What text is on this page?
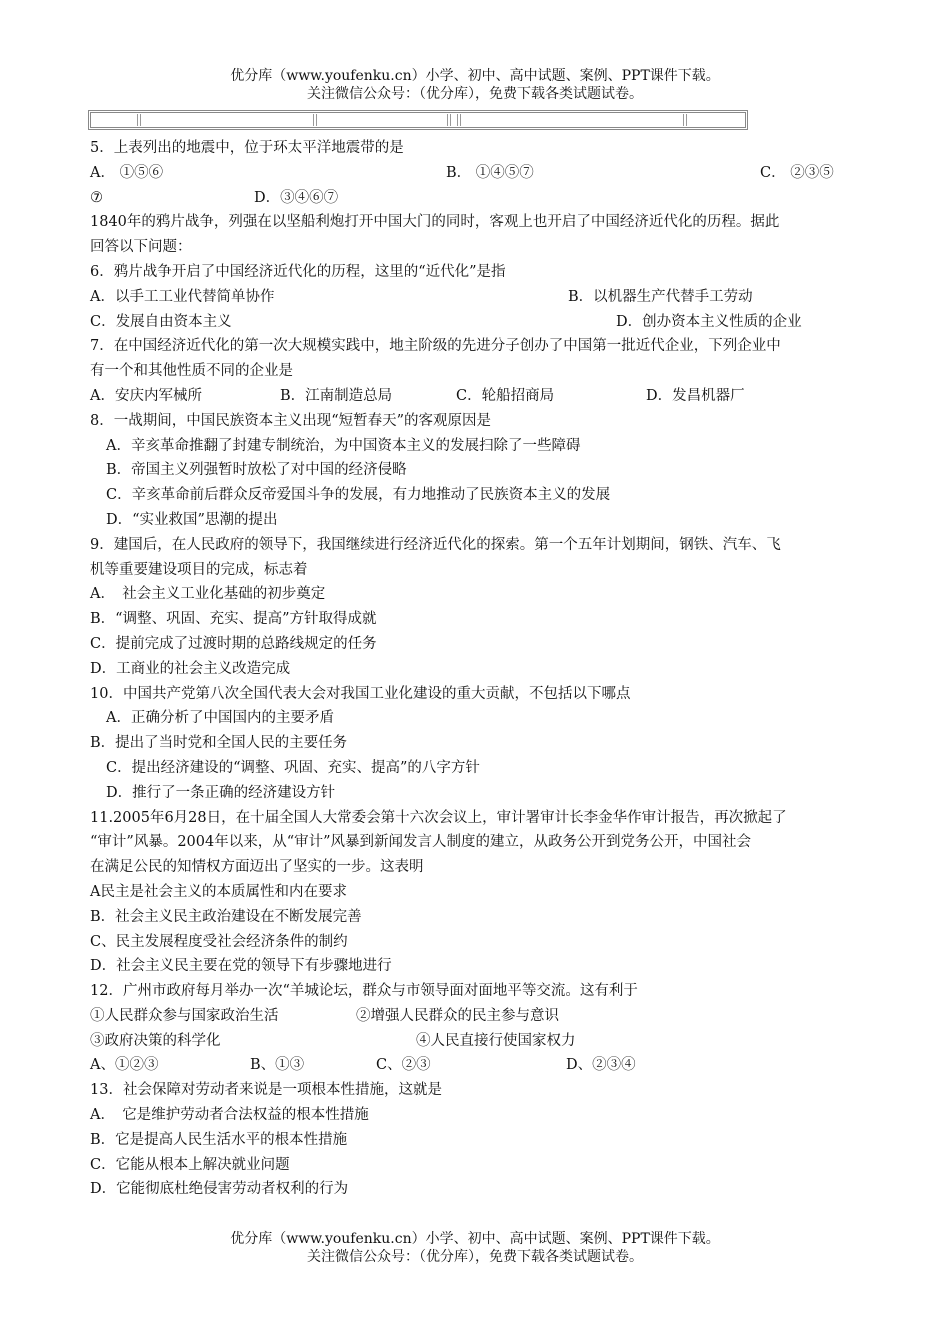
优分库（www.youfenku.cn）小学、初中、高中试题、案例、PPT课件下载。
关注微信公众号：（优分库），免费下载各类试题试卷。
5．上表列出的地震中，位于环太平洋地震带的是
A． ①⑤⑥	B． ①④⑤⑦	C． ②③⑤
⑦	D．③④⑥⑦
1840年的鸦片战争，列强在以坚船利炮打开中国大门的同时，客观上也开启了中国经济近代化的历程。据此
回答以下问题：
6．鸦片战争开启了中国经济近代化的历程，这里的“近代化”是指
A．以手工工业代替简单协作	B．以机器生产代替手工劳动
C．发展自由资本主义	D．创办资本主义性质的企业
7．在中国经济近代化的第一次大规模实践中，地主阶级的先进分子创办了中国第一批近代企业，下列企业中
有一个和其他性质不同的企业是
A．安庆内军械所	B．江南制造总局	C．轮船招商局	D．发昌机器厂
8．一战期间，中国民族资本主义出现“短暂春天”的客观原因是
A．辛亥革命推翻了封建专制统治，为中国资本主义的发展扫除了一些障碍
B．帝国主义列强暂时放松了对中国的经济侵略
C．辛亥革命前后群众反帝爱国斗争的发展，有力地推动了民族资本主义的发展
D．“实业救国”思潮的提出
9．建国后，在人民政府的领导下，我国继续进行经济近代化的探索。第一个五年计划期间，钢铁、汽车、飞
机等重要建设项目的完成，标志着
A．　社会主义工业化基础的初步奠定
B．“调整、巩固、充实、提高”方针取得成就
C．提前完成了过渡时期的总路线规定的任务
D．工商业的社会主义改造完成
10．中国共产党第八次全国代表大会对我国工业化建设的重大贡献，不包括以下哪点
A．正确分析了中国国内的主要矛盾
B．提出了当时党和全国人民的主要任务
C．提出经济建设的“调整、巩固、充实、提高”的八字方针
D．推行了一条正确的经济建设方针
11.2005年6月28日，在十届全国人大常委会第十六次会议上，审计署审计长李金华作审计报告，再次掀起了
“审计”风暴。2004年以来，从“审计”风暴到新闻发言人制度的建立，从政务公开到党务公开，中国社会
在满足公民的知情权方面迈出了坚实的一步。这表明
A民主是社会主义的本质属性和内在要求
B．社会主义民主政治建设在不断发展完善
C、民主发展程度受社会经济条件的制约
D．社会主义民主要在党的领导下有步骤地进行
12．广州市政府每月举办一次“羊城论坛，群众与市领导面对面地平等交流。这有利于
①人民群众参与国家政治生活	②增强人民群众的民主参与意识
③政府决策的科学化	④人民直接行使国家权力
A、①②③	B、①③	C、②③	D、②③④
13．社会保障对劳动者来说是一项根本性措施，这就是
A．　它是维护劳动者合法权益的根本性措施
B．它是提高人民生活水平的根本性措施
C．它能从根本上解决就业问题
D．它能彻底杜绝侵害劳动者权利的行为
优分库（www.youfenku.cn）小学、初中、高中试题、案例、PPT课件下载。
关注微信公众号：（优分库），免费下载各类试题试卷。
